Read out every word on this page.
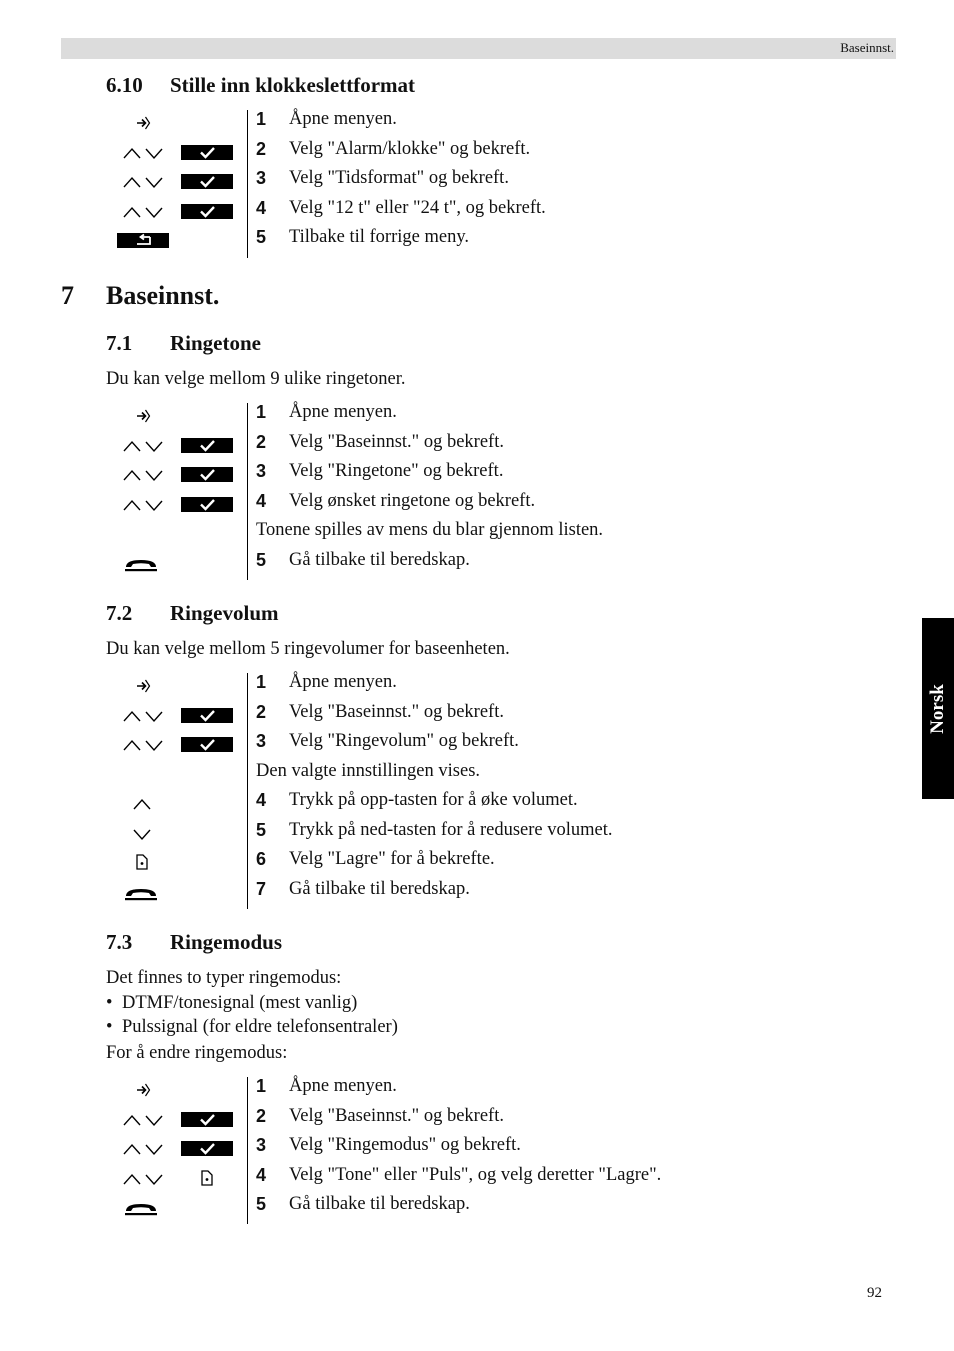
Baseinnst.
Norsk
6.10 Stille inn klokkeslettformat
1 Åpne menyen.
2 Velg "Alarm/klokke" og bekreft.
3 Velg "Tidsformat" og bekreft.
4 Velg "12 t" eller "24 t", og bekreft.
5 Tilbake til forrige meny.
7 Baseinnst.
7.1 Ringetone
Du kan velge mellom 9 ulike ringetoner.
1 Åpne menyen.
2 Velg "Baseinnst." og bekreft.
3 Velg "Ringetone" og bekreft.
4 Velg ønsket ringetone og bekreft.
Tonene spilles av mens du blar gjennom listen.
5 Gå tilbake til beredskap.
7.2 Ringevolum
Du kan velge mellom 5 ringevolumer for baseenheten.
1 Åpne menyen.
2 Velg "Baseinnst." og bekreft.
3 Velg "Ringevolum" og bekreft.
Den valgte innstillingen vises.
4 Trykk på opp-tasten for å øke volumet.
5 Trykk på ned-tasten for å redusere volumet.
6 Velg "Lagre" for å bekrefte.
7 Gå tilbake til beredskap.
7.3 Ringemodus
Det finnes to typer ringemodus:
• DTMF/tonesignal (mest vanlig)
• Pulssignal (for eldre telefonsentraler)
For å endre ringemodus:
1 Åpne menyen.
2 Velg "Baseinnst." og bekreft.
3 Velg "Ringemodus" og bekreft.
4 Velg "Tone" eller "Puls", og velg deretter "Lagre".
5 Gå tilbake til beredskap.
92
